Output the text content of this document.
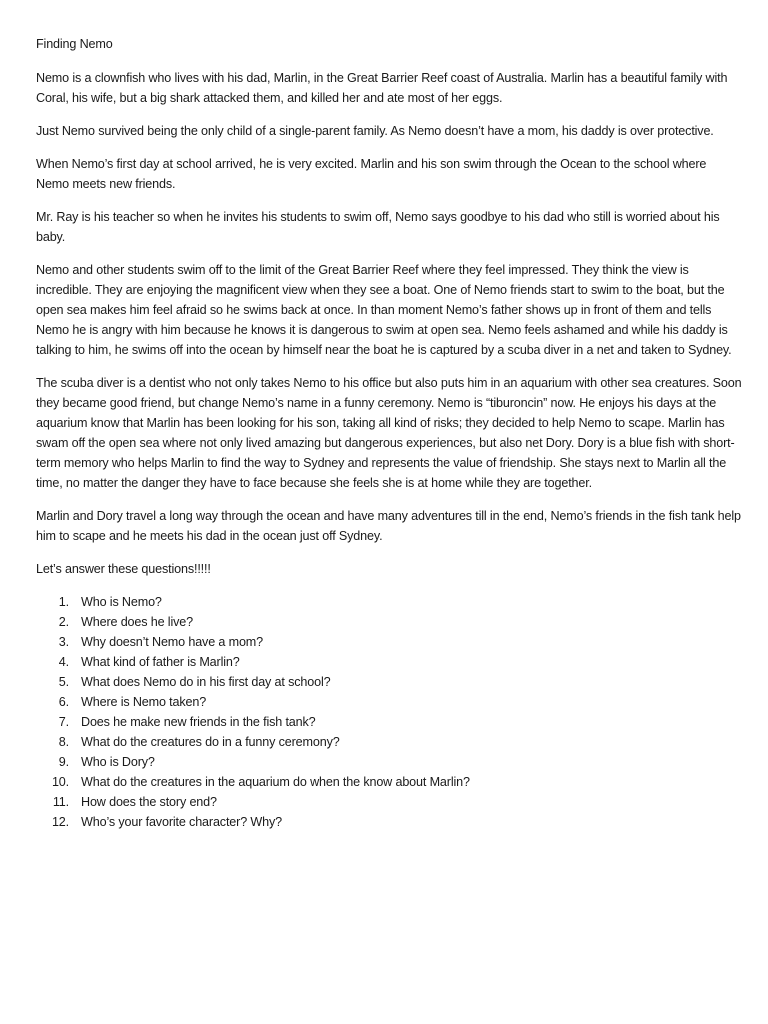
Finding Nemo

Nemo is a clownfish who lives with his dad, Marlin, in the Great Barrier Reef coast of Australia. Marlin has a beautiful family with Coral, his wife, but a big shark attacked them, and killed her and ate most of her eggs.

Just Nemo survived being the only child of a single-parent family. As Nemo doesn’t have a mom, his daddy is over protective.

When Nemo’s first day at school arrived, he is very excited. Marlin and his son swim through the Ocean to the school where Nemo meets new friends.

Mr. Ray is his teacher so when he invites his students to swim off, Nemo says goodbye to his dad who still is worried about his baby.

Nemo and other students swim off to the limit of the Great Barrier Reef where they feel impressed. They think the view is incredible. They are enjoying the magnificent view when they see a boat. One of Nemo friends start to swim to the boat, but the open sea makes him feel afraid so he swims back at once. In than moment Nemo’s father shows up in front of them and tells Nemo he is angry with him because he knows it is dangerous to swim at open sea. Nemo feels ashamed and while his daddy is talking to him, he swims off into the ocean by himself near the boat he is captured by a scuba diver in a net and taken to Sydney.

The scuba diver is a dentist who not only takes Nemo to his office but also puts him in an aquarium with other sea creatures. Soon they became good friend, but change Nemo’s name in a funny ceremony. Nemo is “tiburoncin” now. He enjoys his days at the aquarium know that Marlin has been looking for his son, taking all kind of risks; they decided to help Nemo to scape. Marlin has swam off the open sea where not only lived amazing but dangerous experiences, but also net Dory. Dory is a blue fish with short-term memory who helps Marlin to find the way to Sydney and represents the value of friendship. She stays next to Marlin all the time, no matter the danger they have to face because she feels she is at home while they are together.

Marlin and Dory travel a long way through the ocean and have many adventures till in the end, Nemo’s friends in the fish tank help him to scape and he meets his dad in the ocean just off Sydney.

Let’s answer these questions!!!!!

1. Who is Nemo?
2. Where does he live?
3. Why doesn’t Nemo have a mom?
4. What kind of father is Marlin?
5. What does Nemo do in his first day at school?
6. Where is Nemo taken?
7. Does he make new friends in the fish tank?
8. What do the creatures do in a funny ceremony?
9. Who is Dory?
10. What do the creatures in the aquarium do when the know about Marlin?
11. How does the story end?
12. Who’s your favorite character? Why?
